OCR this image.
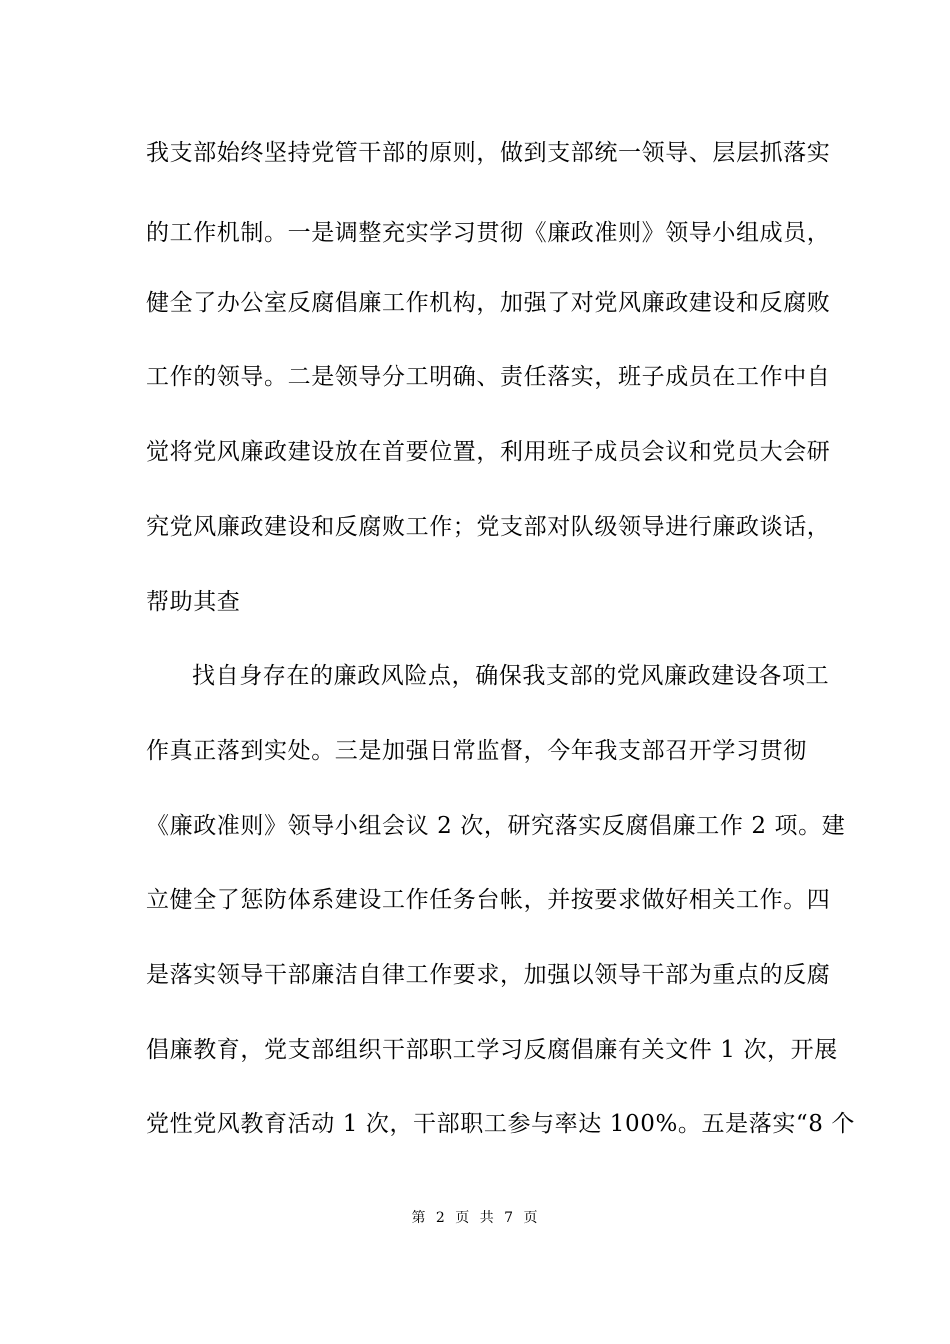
我支部始终坚持党管干部的原则，做到支部统一领导、层层抓落实
的工作机制。一是调整充实学习贯彻《廉政准则》领导小组成员，
健全了办公室反腐倡廉工作机构，加强了对党风廉政建设和反腐败
工作的领导。二是领导分工明确、责任落实，班子成员在工作中自
觉将党风廉政建设放在首要位置，利用班子成员会议和党员大会研
究党风廉政建设和反腐败工作；党支部对队级领导进行廉政谈话，
帮助其查
找自身存在的廉政风险点，确保我支部的党风廉政建设各项工
作真正落到实处。三是加强日常监督，今年我支部召开学习贯彻
《廉政准则》领导小组会议 2 次，研究落实反腐倡廉工作 2 项。建
立健全了惩防体系建设工作任务台帐，并按要求做好相关工作。四
是落实领导干部廉洁自律工作要求，加强以领导干部为重点的反腐
倡廉教育，党支部组织干部职工学习反腐倡廉有关文件 1 次，开展
党性党风教育活动 1 次，干部职工参与率达 100%。五是落实“8 个
第 2 页 共 7 页
